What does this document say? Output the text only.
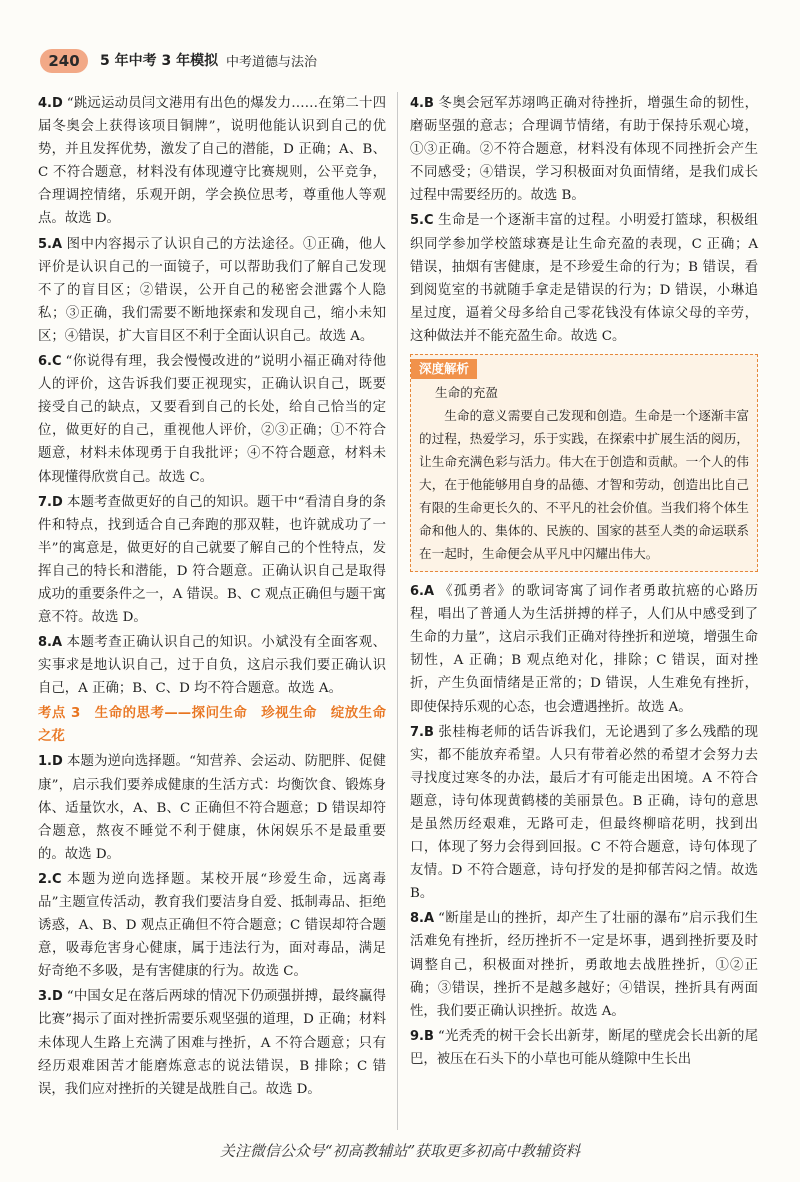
240	5 年中考 3 年模拟 中考道德与法治
4.D “跳远运动员闫文港用有出色的爆发力……在第二十四届冬奥会上获得该项目铜牌”，说明他能认识到自己的优势，并且发挥优势，激发了自己的潜能，D 正确；A、B、C 不符合题意，材料没有体现遵守比赛规则，公平竞争，合理调控情绪，乐观开朗，学会换位思考，尊重他人等观点。故选 D。
5.A 图中内容揭示了认识自己的方法途径。①正确，他人评价是认识自己的一面镜子，可以帮助我们了解自己发现不了的盲目区；②错误，公开自己的秘密会泄露个人隐私；③正确，我们需要不断地探索和发现自己，缩小未知区；④错误，扩大盲目区不利于全面认识自己。故选 A。
6.C “你说得有理，我会慢慢改进的”说明小福正确对待他人的评价，这告诉我们要正视现实，正确认识自己，既要接受自己的缺点，又要看到自己的长处，给自己恰当的定位，做更好的自己，重视他人评价，②③正确；①不符合题意，材料未体现勇于自我批评；④不符合题意，材料未体现懂得欣赏自己。故选 C。
7.D 本题考查做更好的自己的知识。题干中“看清自身的条件和特点，找到适合自己奔跑的那双鞋，也许就成功了一半”的寓意是，做更好的自己就要了解自己的个性特点，发挥自己的特长和潜能，D 符合题意。正确认识自己是取得成功的重要条件之一，A 错误。B、C 观点正确但与题干寓意不符。故选 D。
8.A 本题考查正确认识自己的知识。小斌没有全面客观、实事求是地认识自己，过于自负，这启示我们要正确认识自己，A 正确；B、C、D 均不符合题意。故选 A。
考点 3　生命的思考——探问生命　珍视生命　绽放生命之花
1.D 本题为逆向选择题。“知营养、会运动、防肥胖、促健康”，启示我们要养成健康的生活方式：均衡饮食、锻炼身体、适量饮水，A、B、C 正确但不符合题意；D 错误却符合题意，熬夜不睡觉不利于健康，休闲娱乐不是最重要的。故选 D。
2.C 本题为逆向选择题。某校开展“珍爱生命，远离毒品”主题宣传活动，教育我们要洁身自爱、抵制毒品、拒绝诱惑，A、B、D 观点正确但不符合题意；C 错误却符合题意，吸毒危害身心健康，属于违法行为，面对毒品，满足好奇绝不多吸，是有害健康的行为。故选 C。
3.D “中国女足在落后两球的情况下仍顽强拼搏，最终赢得比赛”揭示了面对挫折需要乐观坚强的道理，D 正确；材料未体现人生路上充满了困难与挫折，A 不符合题意；只有经历艰难困苦才能磨炼意志的说法错误，B 排除；C 错误，我们应对挫折的关键是战胜自己。故选 D。
4.B 冬奥会冠军苏翊鸣正确对待挫折，增强生命的韧性，磨砺坚强的意志；合理调节情绪，有助于保持乐观心境，①③正确。②不符合题意，材料没有体现不同挫折会产生不同感受；④错误，学习积极面对负面情绪，是我们成长过程中需要经历的。故选 B。
5.C 生命是一个逐渐丰富的过程。小明爱打篮球，积极组织同学参加学校篮球赛是让生命充盈的表现，C 正确；A 错误，抽烟有害健康，是不珍爱生命的行为；B 错误，看到阅览室的书就随手拿走是错误的行为；D 错误，小琳追星过度，逼着父母多给自己零花钱没有体谅父母的辛劳，这种做法并不能充盈生命。故选 C。
深度解析
生命的充盈
生命的意义需要自己发现和创造。生命是一个逐渐丰富的过程，热爱学习，乐于实践，在探索中扩展生活的阅历，让生命充满色彩与活力。伟大在于创造和贡献。一个人的伟大，在于他能够用自身的品德、才智和劳动，创造出比自己有限的生命更长久的、不平凡的社会价值。当我们将个体生命和他人的、集体的、民族的、国家的甚至人类的命运联系在一起时，生命便会从平凡中闪耀出伟大。
6.A 《孤勇者》的歌词寄寓了词作者勇敢抗癌的心路历程，唱出了普通人为生活拼搏的样子，人们从中感受到了生命的力量”，这启示我们正确对待挫折和逆境，增强生命韧性，A 正确；B 观点绝对化，排除；C 错误，面对挫折，产生负面情绪是正常的；D 错误，人生难免有挫折，即使保持乐观的心态，也会遭遇挫折。故选 A。
7.B 张桂梅老师的话告诉我们，无论遇到了多么残酷的现实，都不能放弃希望。人只有带着必然的希望才会努力去寻找度过寒冬的办法，最后才有可能走出困境。A 不符合题意，诗句体现黄鹤楼的美丽景色。B 正确，诗句的意思是虽然历经艰难，无路可走，但最终柳暗花明，找到出口，体现了努力会得到回报。C 不符合题意，诗句体现了友情。D 不符合题意，诗句抒发的是抑郁苦闷之情。故选 B。
8.A “断崖是山的挫折，却产生了壮丽的瀑布”启示我们生活难免有挫折，经历挫折不一定是坏事，遇到挫折要及时调整自己，积极面对挫折，勇敢地去战胜挫折，①②正确；③错误，挫折不是越多越好；④错误，挫折具有两面性，我们要正确认识挫折。故选 A。
9.B “光秃秃的树干会长出新芽，断尾的壁虎会长出新的尾巴，被压在石头下的小草也可能从缝隙中生长出
关注微信公众号“初高教辅站”获取更多初高中教辅资料
